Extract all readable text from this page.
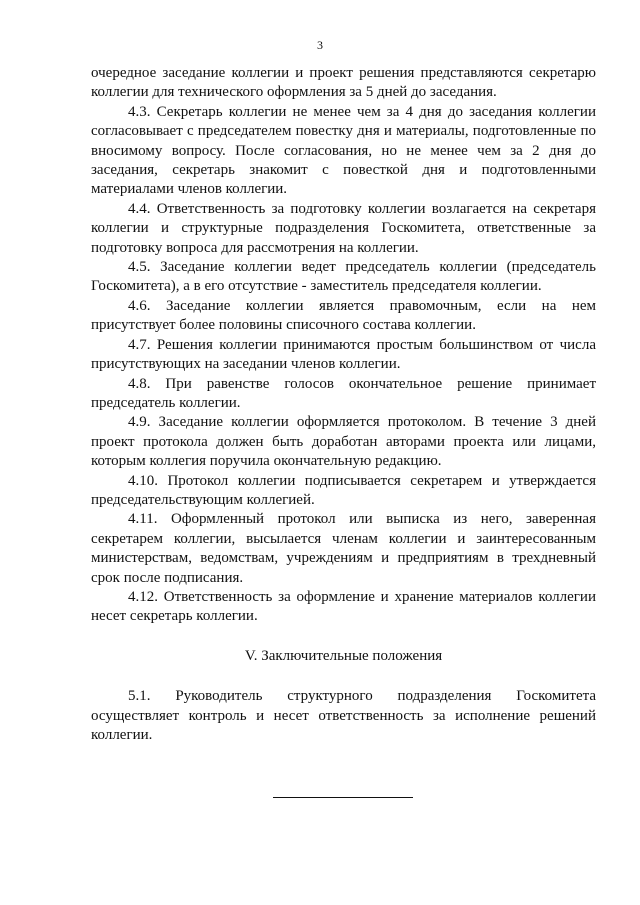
3

очередное заседание коллегии и проект решения представляются секретарю коллегии для технического оформления за 5 дней до заседания.

4.3. Секретарь коллегии не менее чем за 4 дня до заседания коллегии согласовывает с председателем повестку дня и материалы, подготовленные по вносимому вопросу. После согласования, но не менее чем за 2 дня до заседания, секретарь знакомит с повесткой дня и подготовленными материалами членов коллегии.

4.4. Ответственность за подготовку коллегии возлагается на секретаря коллегии и структурные подразделения Госкомитета, ответственные за подготовку вопроса для рассмотрения на коллегии.

4.5. Заседание коллегии ведет председатель коллегии (председатель Госкомитета), а в его отсутствие - заместитель председателя коллегии.

4.6. Заседание коллегии является правомочным, если на нем присутствует более половины списочного состава коллегии.

4.7. Решения коллегии принимаются простым большинством от числа присутствующих на заседании членов коллегии.

4.8. При равенстве голосов окончательное решение принимает председатель коллегии.

4.9. Заседание коллегии оформляется протоколом. В течение 3 дней проект протокола должен быть доработан авторами проекта или лицами, которым коллегия поручила окончательную редакцию.

4.10. Протокол коллегии подписывается секретарем и утверждается председательствующим коллегией.

4.11. Оформленный протокол или выписка из него, заверенная секретарем коллегии, высылается членам коллегии и заинтересованным министерствам, ведомствам, учреждениям и предприятиям в трехдневный срок после подписания.

4.12. Ответственность за оформление и хранение материалов коллегии несет секретарь коллегии.

V. Заключительные положения

5.1. Руководитель структурного подразделения Госкомитета осуществляет контроль и несет ответственность за исполнение решений коллегии.
